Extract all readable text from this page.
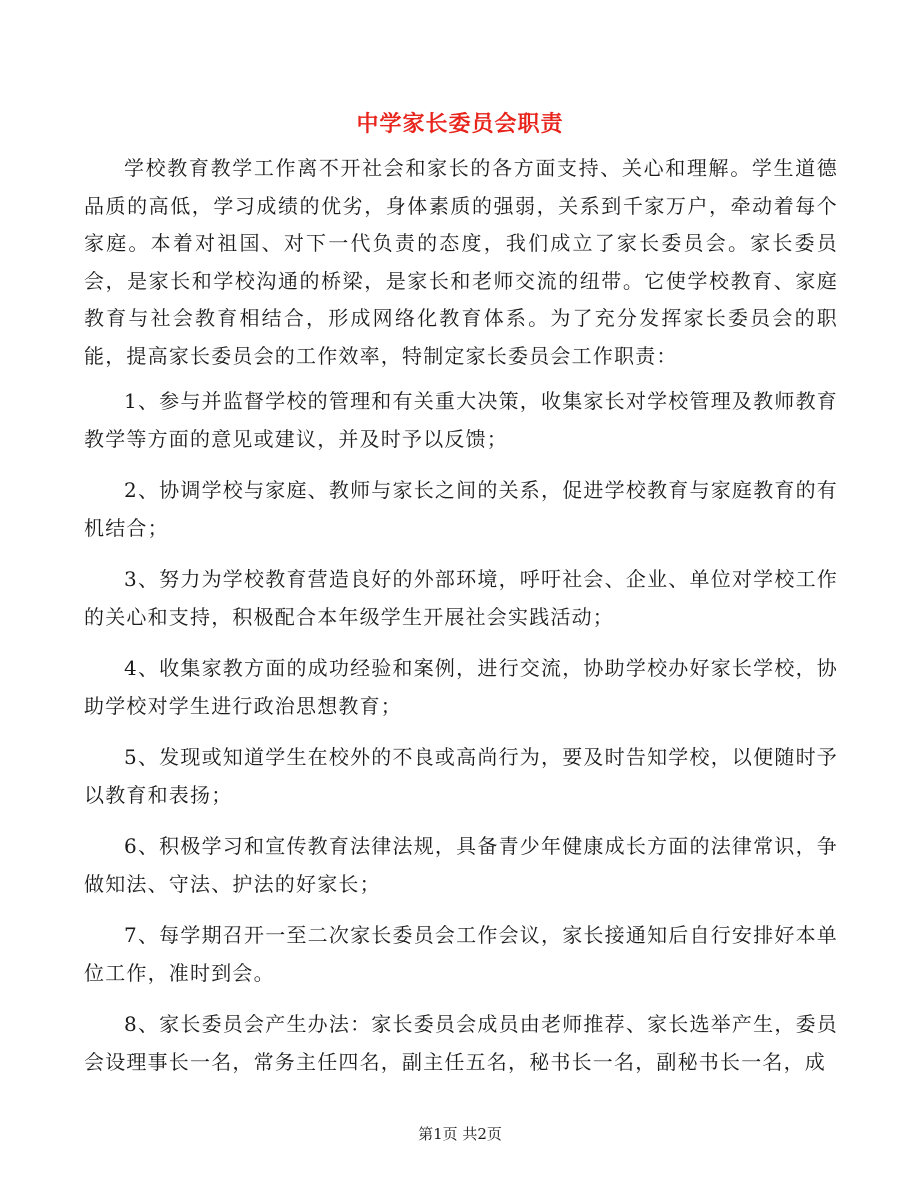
中学家长委员会职责

学校教育教学工作离不开社会和家长的各方面支持、关心和理解。学生道德品质的高低，学习成绩的优劣，身体素质的强弱，关系到千家万户，牵动着每个家庭。本着对祖国、对下一代负责的态度，我们成立了家长委员会。家长委员会，是家长和学校沟通的桥梁，是家长和老师交流的纽带。它使学校教育、家庭教育与社会教育相结合，形成网络化教育体系。为了充分发挥家长委员会的职能，提高家长委员会的工作效率，特制定家长委员会工作职责：

1、参与并监督学校的管理和有关重大决策，收集家长对学校管理及教师教育教学等方面的意见或建议，并及时予以反馈；

2、协调学校与家庭、教师与家长之间的关系，促进学校教育与家庭教育的有机结合；

3、努力为学校教育营造良好的外部环境，呼吁社会、企业、单位对学校工作的关心和支持，积极配合本年级学生开展社会实践活动；

4、收集家教方面的成功经验和案例，进行交流，协助学校办好家长学校，协助学校对学生进行政治思想教育；

5、发现或知道学生在校外的不良或高尚行为，要及时告知学校，以便随时予以教育和表扬；

6、积极学习和宣传教育法律法规，具备青少年健康成长方面的法律常识，争做知法、守法、护法的好家长；

7、每学期召开一至二次家长委员会工作会议，家长接通知后自行安排好本单位工作，准时到会。

8、家长委员会产生办法：家长委员会成员由老师推荐、家长选举产生，委员会设理事长一名，常务主任四名，副主任五名，秘书长一名，副秘书长一名，成

第1页 共2页
